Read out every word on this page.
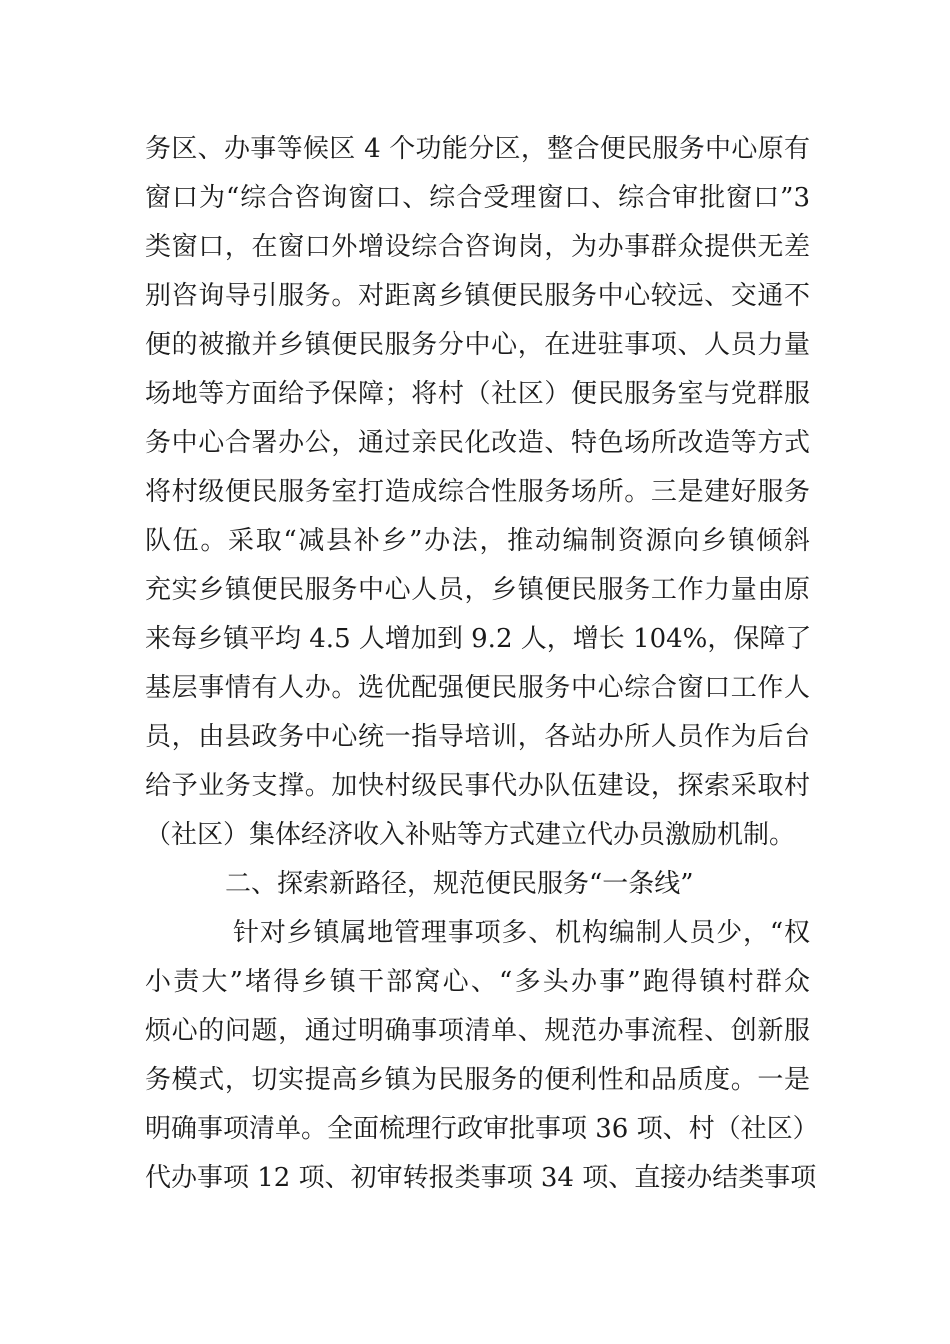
务区、办事等候区 4 个功能分区，整合便民服务中心原有
窗口为“综合咨询窗口、综合受理窗口、综合审批窗口”3
类窗口，在窗口外增设综合咨询岗，为办事群众提供无差
别咨询导引服务。对距离乡镇便民服务中心较远、交通不
便的被撤并乡镇便民服务分中心，在进驻事项、人员力量
场地等方面给予保障；将村（社区）便民服务室与党群服
务中心合署办公，通过亲民化改造、特色场所改造等方式
将村级便民服务室打造成综合性服务场所。三是建好服务
队伍。采取“减县补乡”办法，推动编制资源向乡镇倾斜
充实乡镇便民服务中心人员，乡镇便民服务工作力量由原
来每乡镇平均 4.5 人增加到 9.2 人，增长 104%，保障了
基层事情有人办。选优配强便民服务中心综合窗口工作人
员，由县政务中心统一指导培训，各站办所人员作为后台
给予业务支撑。加快村级民事代办队伍建设，探索采取村
（社区）集体经济收入补贴等方式建立代办员激励机制。
二、探索新路径，规范便民服务“一条线”
针对乡镇属地管理事项多、机构编制人员少，“权
小责大”堵得乡镇干部窝心、“多头办事”跑得镇村群众
烦心的问题，通过明确事项清单、规范办事流程、创新服
务模式，切实提高乡镇为民服务的便利性和品质度。一是
明确事项清单。全面梳理行政审批事项 36 项、村（社区）
代办事项 12 项、初审转报类事项 34 项、直接办结类事项
